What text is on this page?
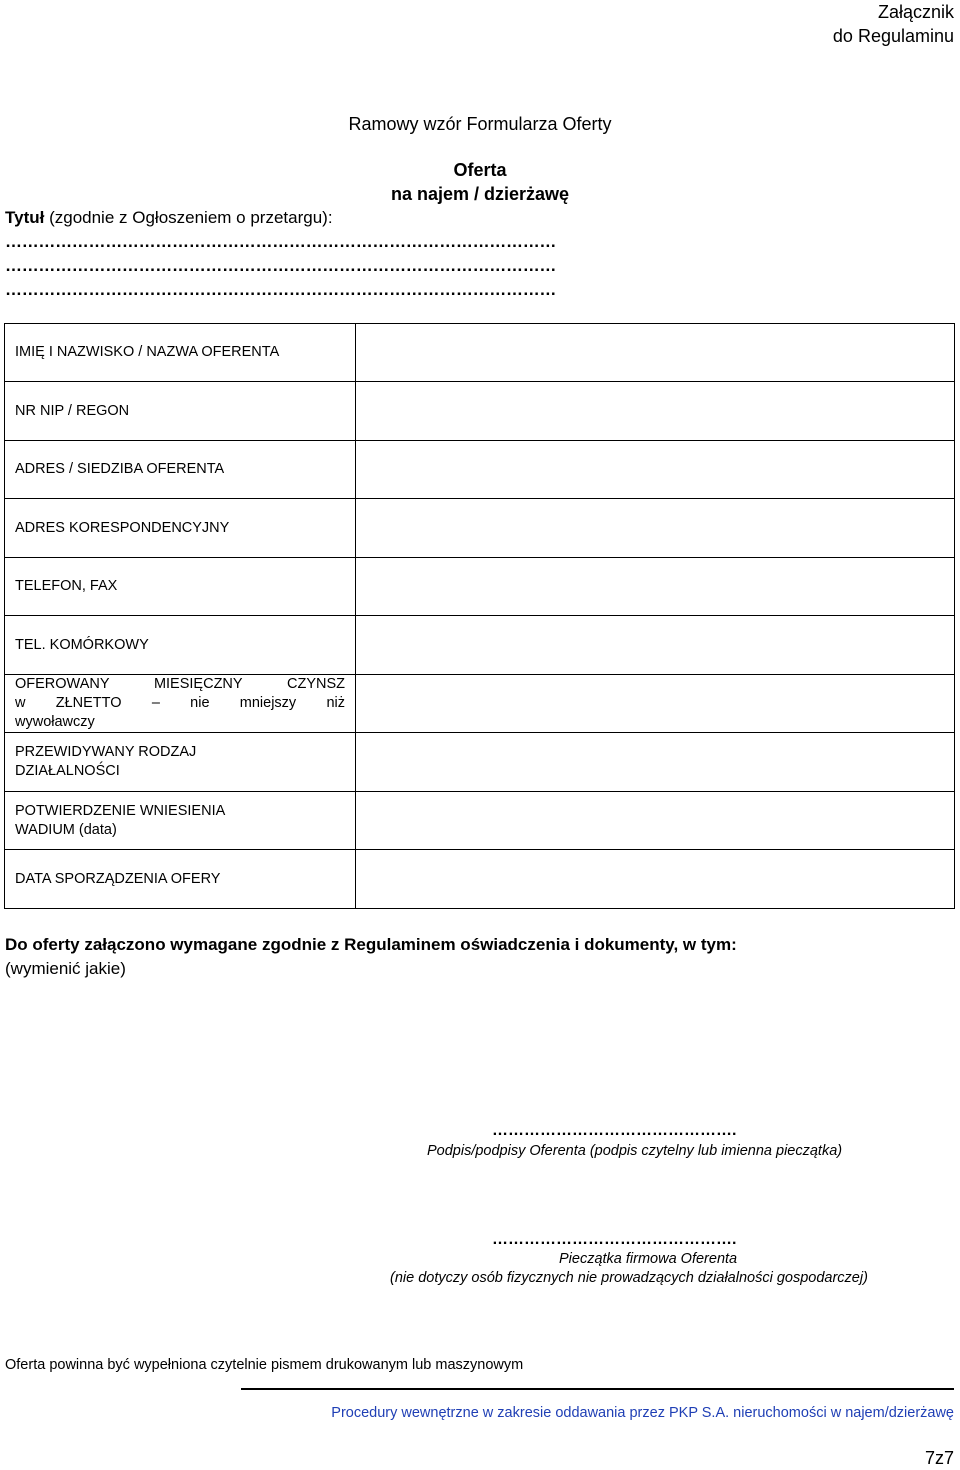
Załącznik
do Regulaminu
Ramowy wzór Formularza Oferty
Oferta
na najem / dzierżawę
Tytuł (zgodnie z Ogłoszeniem o przetargu):
………………………………………………………………………………………
………………………………………………………………………………………
………………………………………………………………………………………
IMIĘ I NAZWISKO / NAZWA OFERENTA	
NR NIP / REGON	
ADRES / SIEDZIBA OFERENTA	
ADRES KORESPONDENCYJNY	
TELEFON, FAX	
TEL. KOMÓRKOWY	

OFEROWANY MIESIĘCZNY CZYNSZ
w ZŁNETTO – nie mniejszy niż
wywoławczy	

PRZEWIDYWANY RODZAJ
DZIAŁALNOŚCI	

POTWIERDZENIE WNIESIENIA
WADIUM (data)	

DATA SPORZĄDZENIA OFERY	
Do oferty załączono wymagane zgodnie z Regulaminem oświadczenia i dokumenty, w tym:
(wymienić jakie)
……………………………………….
Podpis/podpisy Oferenta (podpis czytelny lub imienna pieczątka)
……………………………………….
Pieczątka firmowa Oferenta
(nie dotyczy osób fizycznych nie prowadzących działalności gospodarczej)
Oferta powinna być wypełniona czytelnie pismem drukowanym lub maszynowym
Procedury wewnętrzne w zakresie oddawania przez PKP S.A. nieruchomości w najem/dzierżawę
7z7
